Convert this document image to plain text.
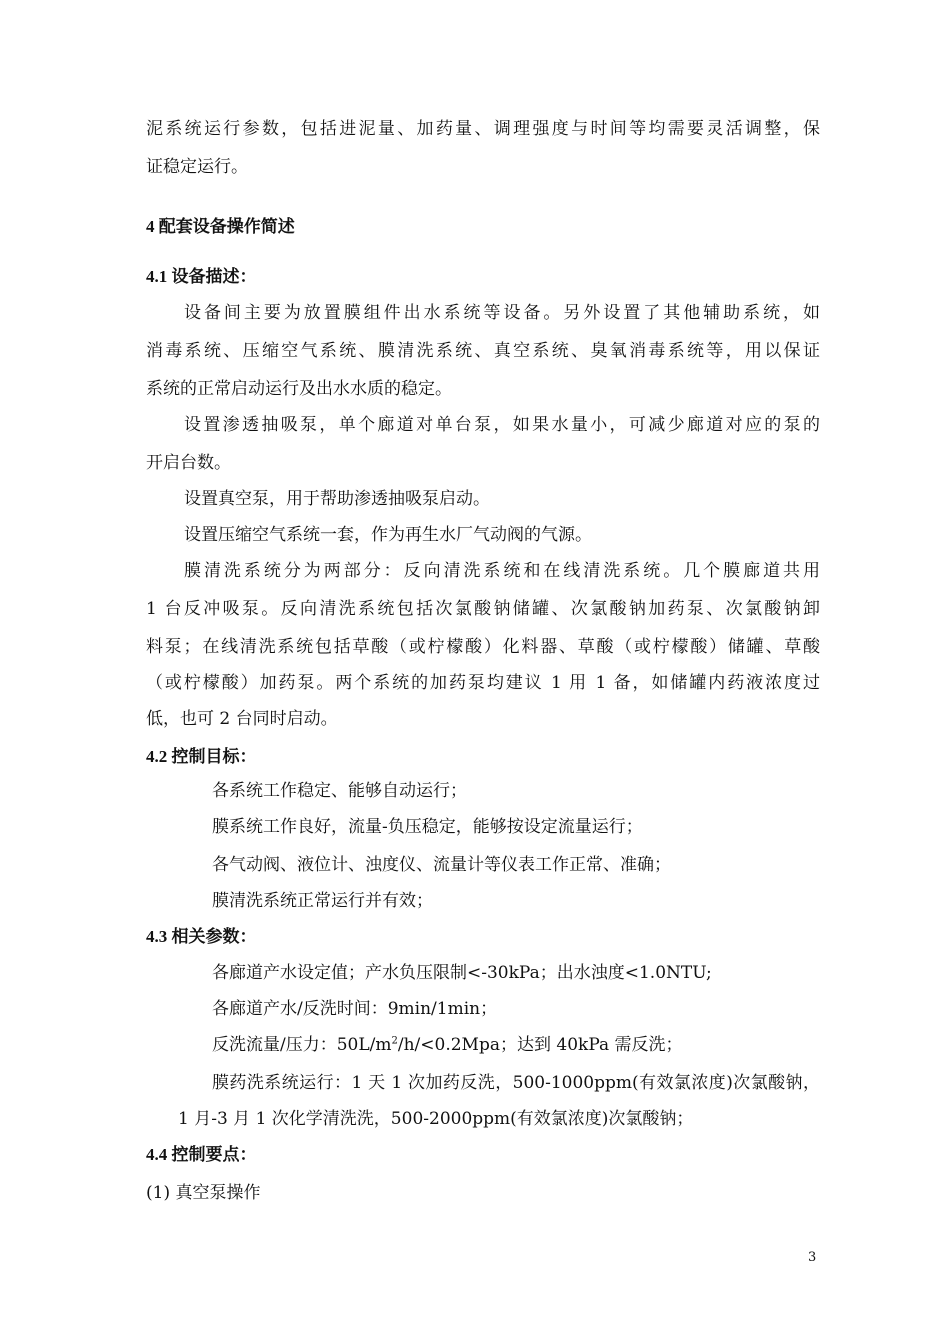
泥系统运行参数，包括进泥量、加药量、调理强度与时间等均需要灵活调整，保
证稳定运行。
4 配套设备操作简述
4.1 设备描述：
设备间主要为放置膜组件出水系统等设备。另外设置了其他辅助系统，如
消毒系统、压缩空气系统、膜清洗系统、真空系统、臭氧消毒系统等，用以保证
系统的正常启动运行及出水水质的稳定。
设置渗透抽吸泵，单个廊道对单台泵，如果水量小，可减少廊道对应的泵的
开启台数。
设置真空泵，用于帮助渗透抽吸泵启动。
设置压缩空气系统一套，作为再生水厂气动阀的气源。
膜清洗系统分为两部分：反向清洗系统和在线清洗系统。几个膜廊道共用
1 台反冲吸泵。反向清洗系统包括次氯酸钠储罐、次氯酸钠加药泵、次氯酸钠卸
料泵；在线清洗系统包括草酸（或柠檬酸）化料器、草酸（或柠檬酸）储罐、草酸
（或柠檬酸）加药泵。两个系统的加药泵均建议 1 用 1 备，如储罐内药液浓度过
低，也可 2 台同时启动。
4.2 控制目标：
各系统工作稳定、能够自动运行；
膜系统工作良好，流量-负压稳定，能够按设定流量运行；
各气动阀、液位计、浊度仪、流量计等仪表工作正常、准确；
膜清洗系统正常运行并有效；
4.3 相关参数：
各廊道产水设定值；产水负压限制<-30kPa；出水浊度<1.0NTU;
各廊道产水/反洗时间：9min/1min；
反洗流量/压力：$50L/m^2/h/<0.2Mpa$；达到 40kPa 需反洗；
膜药洗系统运行：1 天 1 次加药反洗，500-1000ppm(有效氯浓度)次氯酸钠，
1 月-3 月 1 次化学清洗洗，500-2000ppm(有效氯浓度)次氯酸钠；
4.4 控制要点：
(1) 真空泵操作
3
